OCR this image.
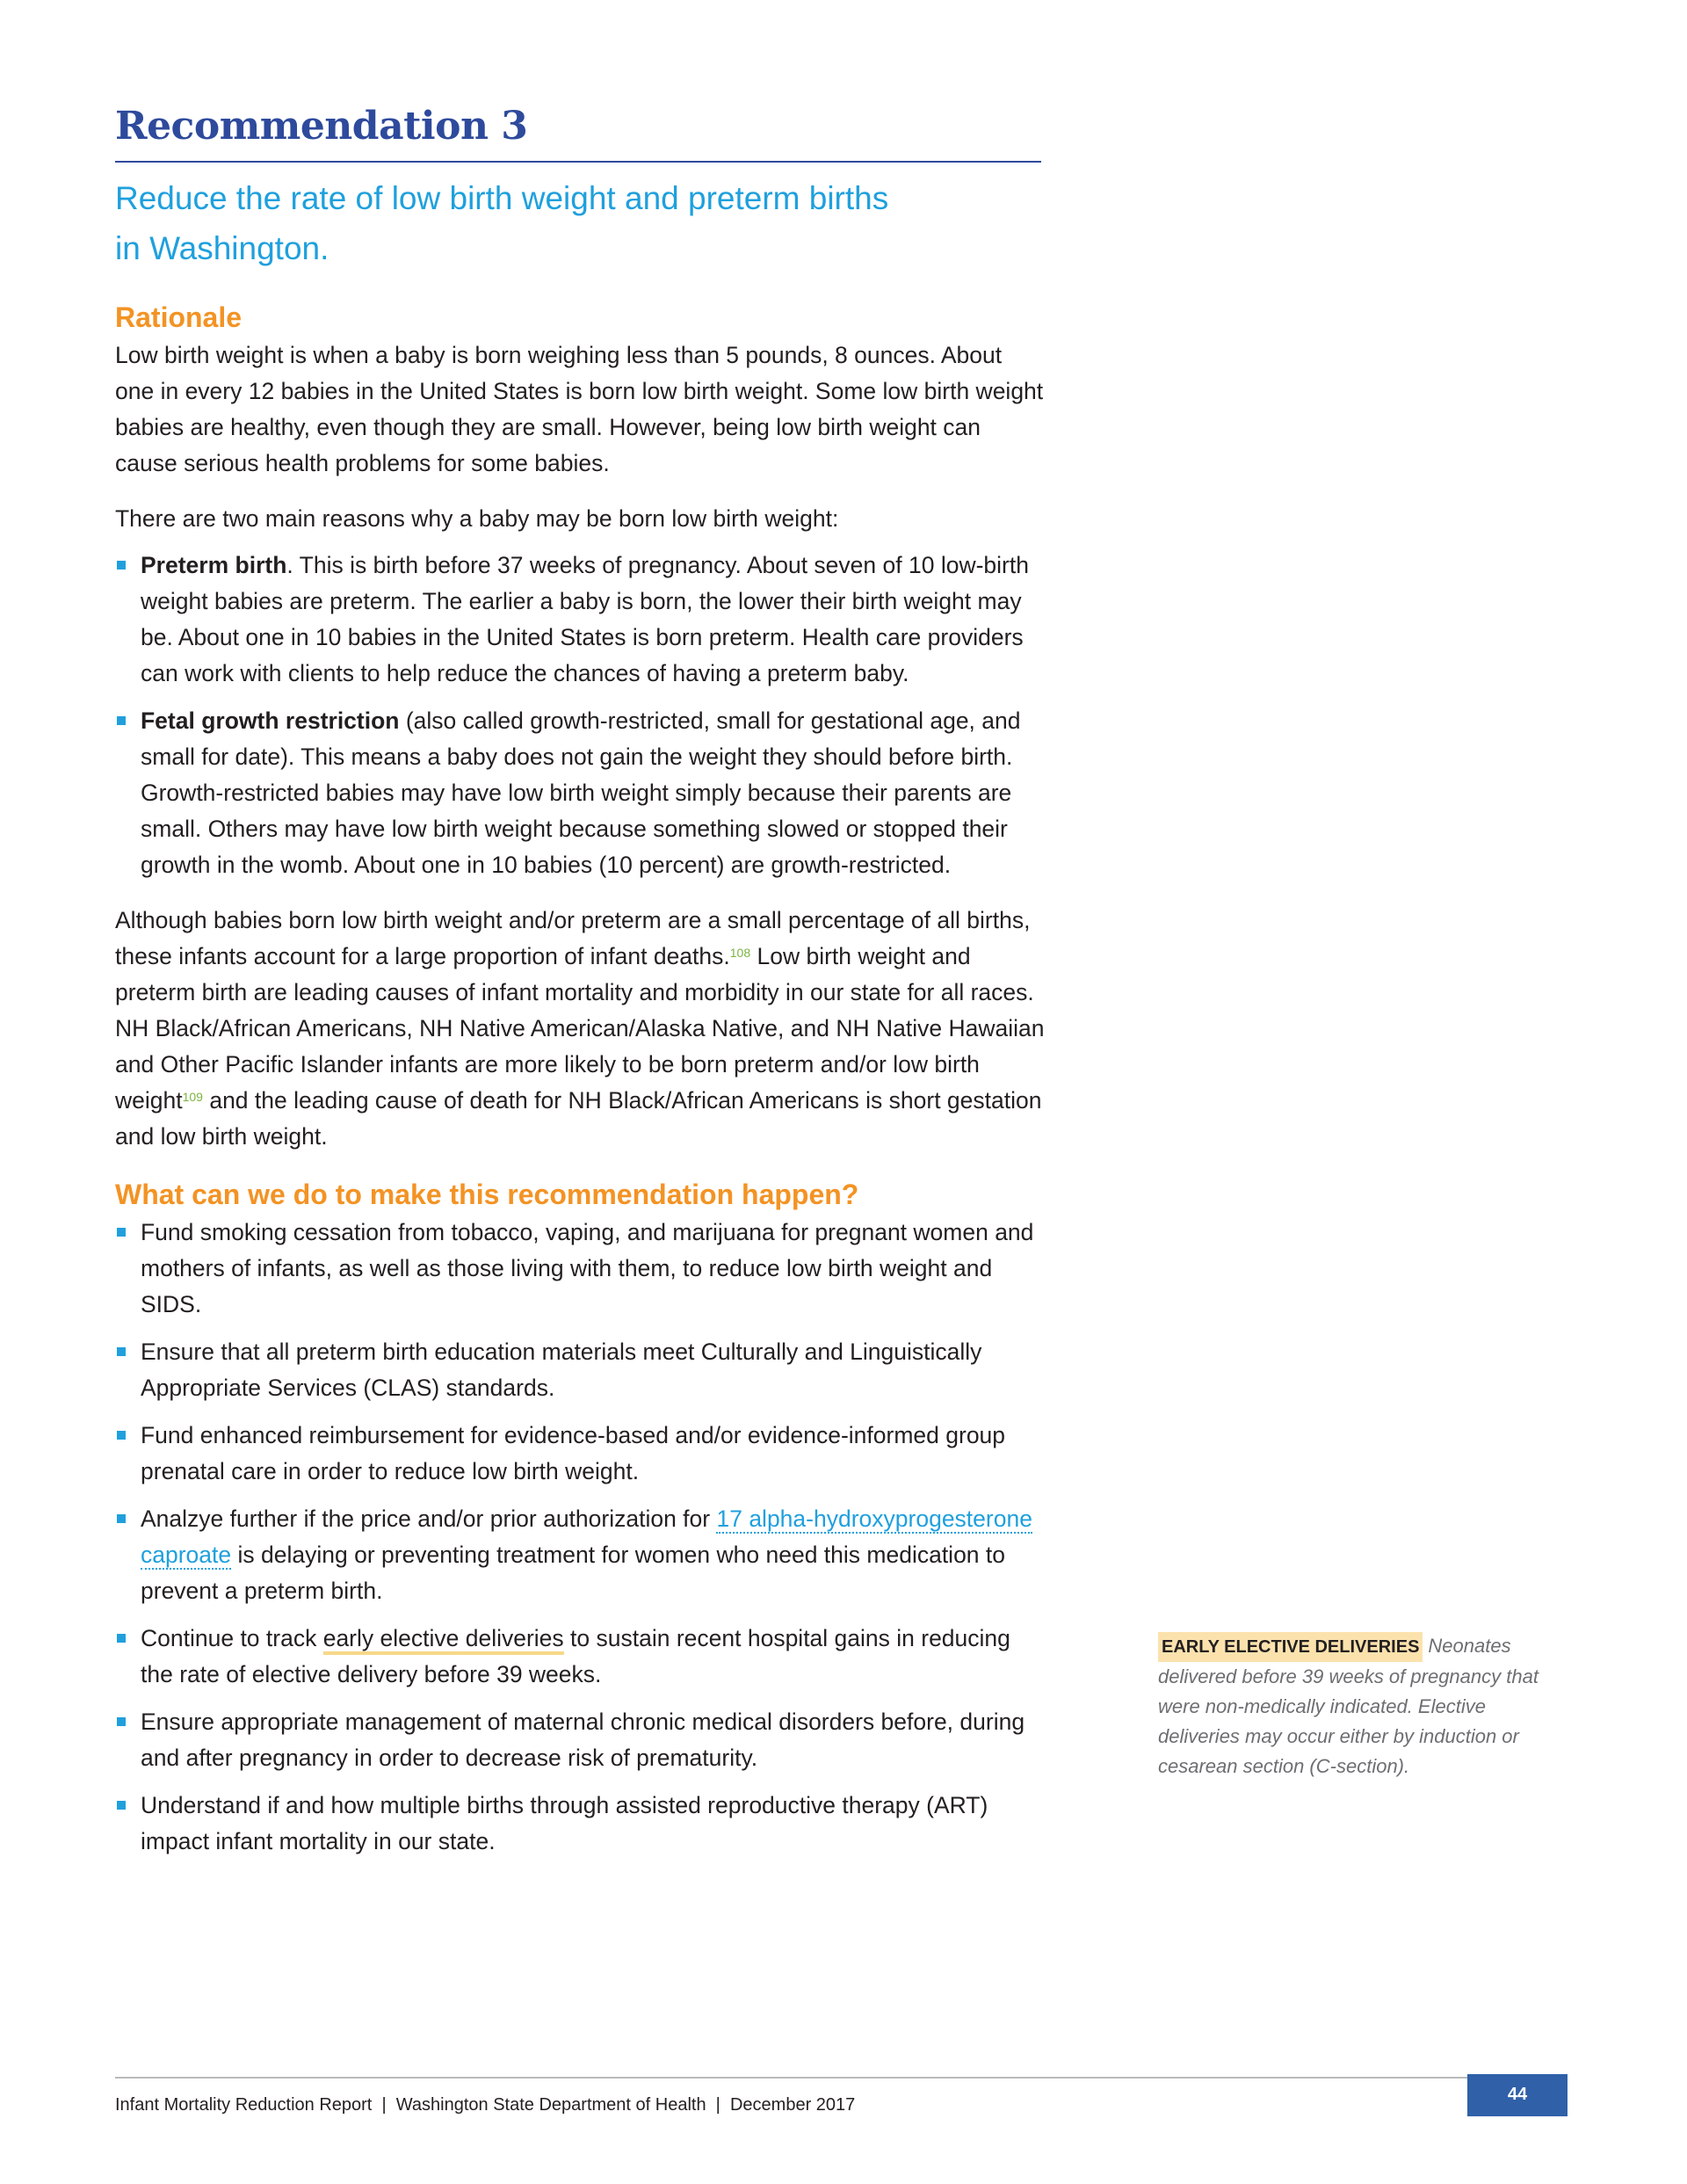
Recommendation 3
Reduce the rate of low birth weight and preterm births
in Washington.
Rationale

Low birth weight is when a baby is born weighing less than 5 pounds, 8 ounces. About one in every 12 babies in the United States is born low birth weight. Some low birth weight babies are healthy, even though they are small. However, being low birth weight can cause serious health problems for some babies.

There are two main reasons why a baby may be born low birth weight:

Preterm birth. This is birth before 37 weeks of pregnancy. About seven of 10 low-birth weight babies are preterm. The earlier a baby is born, the lower their birth weight may be. About one in 10 babies in the United States is born preterm. Health care providers can work with clients to help reduce the chances of having a preterm baby.
Fetal growth restriction (also called growth-restricted, small for gestational age, and small for date). This means a baby does not gain the weight they should before birth. Growth-restricted babies may have low birth weight simply because their parents are small. Others may have low birth weight because something slowed or stopped their growth in the womb. About one in 10 babies (10 percent) are growth-restricted.

Although babies born low birth weight and/or preterm are a small percentage of all births, these infants account for a large proportion of infant deaths.$^{108}$ Low birth weight and preterm birth are leading causes of infant mortality and morbidity in our state for all races. NH Black/African Americans, NH Native American/Alaska Native, and NH Native Hawaiian and Other Pacific Islander infants are more likely to be born preterm and/or low birth weight$^{109}$ and the leading cause of death for NH Black/African Americans is short gestation and low birth weight.

What can we do to make this recommendation happen?
Fund smoking cessation from tobacco, vaping, and marijuana for pregnant women and mothers of infants, as well as those living with them, to reduce low birth weight and SIDS.
Ensure that all preterm birth education materials meet Culturally and Linguistically Appropriate Services (CLAS) standards.
Fund enhanced reimbursement for evidence-based and/or evidence-informed group prenatal care in order to reduce low birth weight.
Analzye further if the price and/or prior authorization for 17 alpha-hydroxyprogesterone caproate is delaying or preventing treatment for women who need this medication to prevent a preterm birth.
Continue to track early elective deliveries to sustain recent hospital gains in reducing the rate of elective delivery before 39 weeks.
Ensure appropriate management of maternal chronic medical disorders before, during and after pregnancy in order to decrease risk of prematurity.
Understand if and how multiple births through assisted reproductive therapy (ART) impact infant mortality in our state.
EARLY ELECTIVE DELIVERIES Neonates delivered before 39 weeks of pregnancy that were non-medically indicated. Elective deliveries may occur either by induction or cesarean section (C-section).
Infant Mortality Reduction Report  |  Washington State Department of Health  |  December 2017
44
